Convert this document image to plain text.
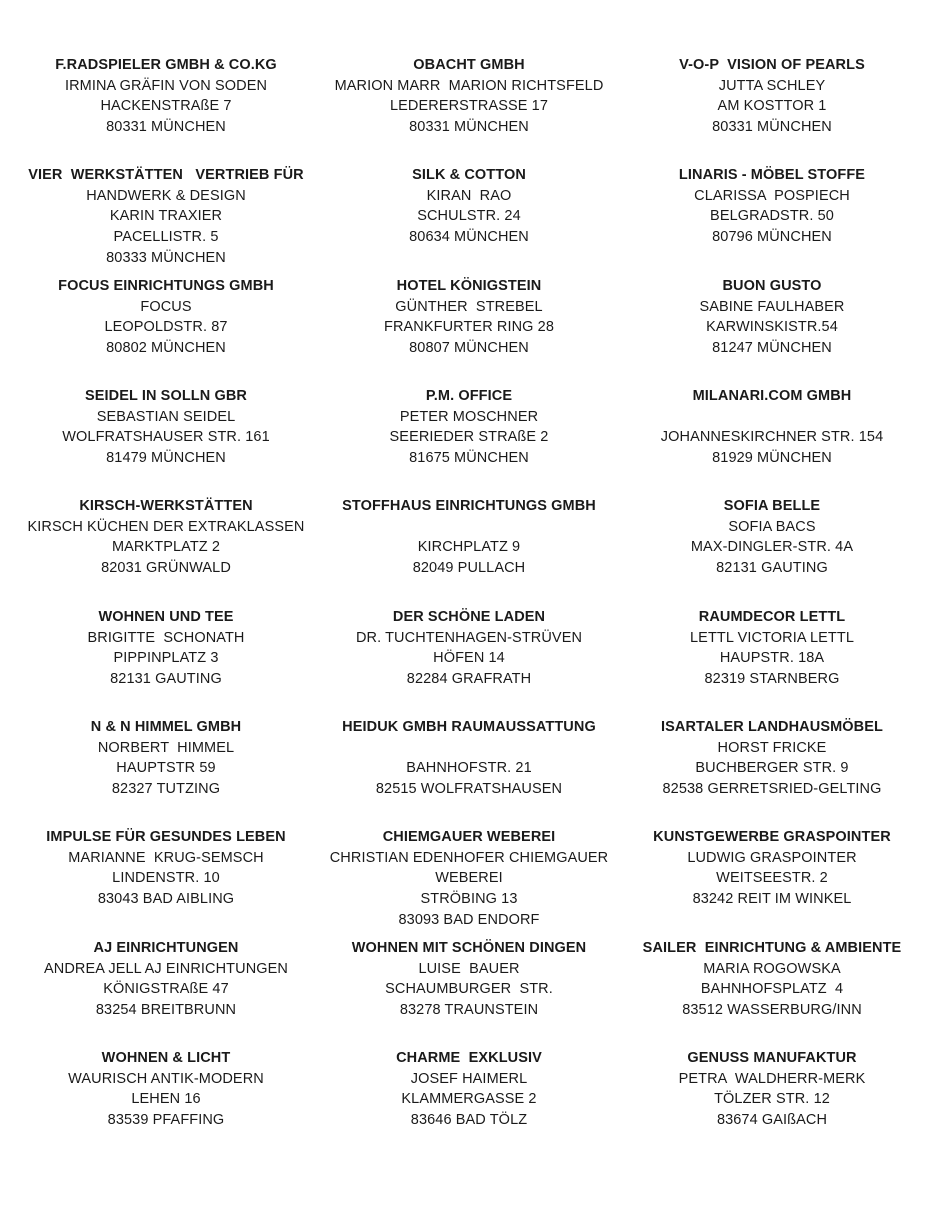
F.RADSPIELER GMBH & CO.KG
IRMINA GRÄFIN VON SODEN
HACKENSTRAßE 7
80331 MÜNCHEN
OBACHT GMBH
MARION MARR  MARION RICHTSFELD
LEDERERSTRASSE 17
80331 MÜNCHEN
V-O-P  VISION OF PEARLS
JUTTA SCHLEY
AM KOSTTOR 1
80331 MÜNCHEN
VIER  WERKSTÄTTEN   VERTRIEB FÜR
HANDWERK & DESIGN
KARIN TRAXIER
PACELLISTR. 5
80333 MÜNCHEN
SILK & COTTON
KIRAN  RAO
SCHULSTR. 24
80634 MÜNCHEN
LINARIS - MÖBEL STOFFE
CLARISSA  POSPIECH
BELGRADSTR. 50
80796 MÜNCHEN
FOCUS EINRICHTUNGS GMBH
FOCUS
LEOPOLDSTR. 87
80802 MÜNCHEN
HOTEL KÖNIGSTEIN
GÜNTHER  STREBEL
FRANKFURTER RING 28
80807 MÜNCHEN
BUON GUSTO
SABINE FAULHABER
KARWINSKISTR.54
81247 MÜNCHEN
SEIDEL IN SOLLN GBR
SEBASTIAN SEIDEL
WOLFRATSHAUSER STR. 161
81479 MÜNCHEN
P.M. OFFICE
PETER MOSCHNER
SEERIEDER STRAßE 2
81675 MÜNCHEN
MILANARI.COM GMBH
JOHANNESKIRCHNER STR. 154
81929 MÜNCHEN
KIRSCH-WERKSTÄTTEN
KIRSCH KÜCHEN DER EXTRAKLASSEN
MARKTPLATZ 2
82031 GRÜNWALD
STOFFHAUS EINRICHTUNGS GMBH
KIRCHPLATZ 9
82049 PULLACH
SOFIA BELLE
SOFIA BACS
MAX-DINGLER-STR. 4A
82131 GAUTING
WOHNEN UND TEE
BRIGITTE  SCHONATH
PIPPINPLATZ 3
82131 GAUTING
DER SCHÖNE LADEN
DR. TUCHTENHAGEN-STRÜVEN
HÖFEN 14
82284 GRAFRATH
RAUMDECOR LETTL
LETTL VICTORIA LETTL
HAUPSTR. 18A
82319 STARNBERG
N & N HIMMEL GMBH
NORBERT  HIMMEL
HAUPTSTR 59
82327 TUTZING
HEIDUK GMBH RAUMAUSSATTUNG
BAHNHOFSTR. 21
82515 WOLFRATSHAUSEN
ISARTALER LANDHAUSMÖBEL
HORST FRICKE
BUCHBERGER STR. 9
82538 GERRETSRIED-GELTING
IMPULSE FÜR GESUNDES LEBEN
MARIANNE  KRUG-SEMSCH
LINDENSTR. 10
83043 BAD AIBLING
CHIEMGAUER WEBEREI
CHRISTIAN EDENHOFER CHIEMGAUER
WEBEREI
STRÖBING 13
83093 BAD ENDORF
KUNSTGEWERBE GRASPOINTER
LUDWIG GRASPOINTER
WEITSEESTR. 2
83242 REIT IM WINKEL
AJ EINRICHTUNGEN
ANDREA JELL AJ EINRICHTUNGEN
KÖNIGSTRAßE 47
83254 BREITBRUNN
WOHNEN MIT SCHÖNEN DINGEN
LUISE  BAUER
SCHAUMBURGER  STR.
83278 TRAUNSTEIN
SAILER  EINRICHTUNG & AMBIENTE
MARIA ROGOWSKA
BAHNHOFSPLATZ  4
83512 WASSERBURG/INN
WOHNEN & LICHT
WAURISCH ANTIK-MODERN
LEHEN 16
83539 PFAFFING
CHARME  EXKLUSIV
JOSEF HAIMERL
KLAMMERGASSE 2
83646 BAD TÖLZ
GENUSS MANUFAKTUR
PETRA  WALDHERR-MERK
TÖLZER STR. 12
83674 GAIßACH
